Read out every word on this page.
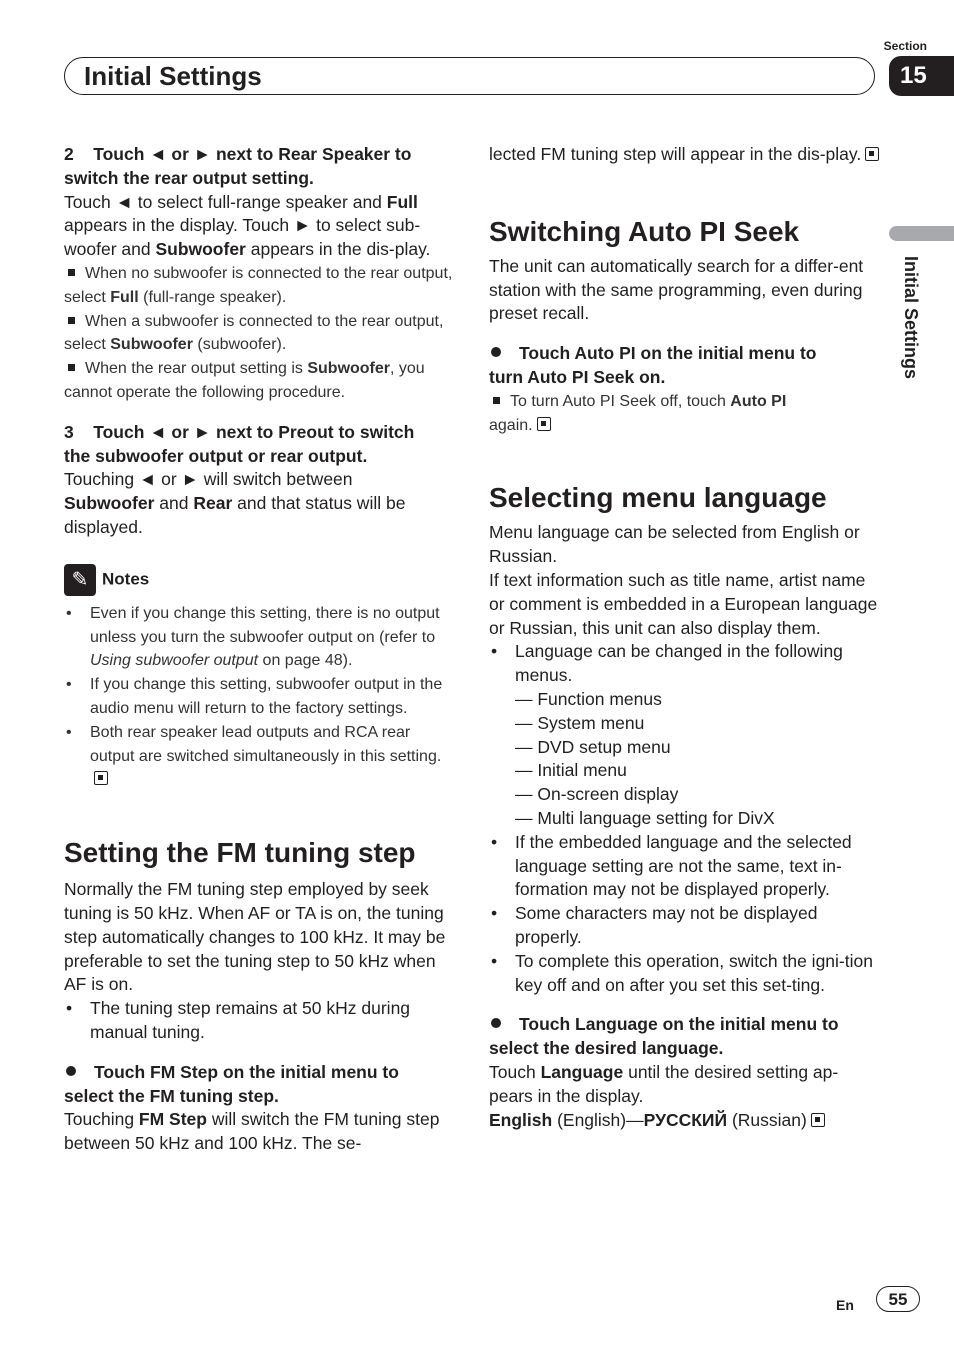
Section
15
Initial Settings
Initial Settings

2 Touch ◄ or ► next to Rear Speaker to
switch the rear output setting.

Touch ◄ to select full-range speaker and Full appears in the display. Touch ► to select sub-woofer and Subwoofer appears in the dis-play.

When no subwoofer is connected to the rear output, select Full (full-range speaker).

When a subwoofer is connected to the rear output, select Subwoofer (subwoofer).

When the rear output setting is Subwoofer, you cannot operate the following procedure.

3 Touch ◄ or ► next to Preout to switch
the subwoofer output or rear output.

Touching ◄ or ► will switch between
Subwoofer and Rear and that status will be displayed.

✎ Notes

• Even if you change this setting, there is no output unless you turn the subwoofer output on (refer to Using subwoofer output on page 48).

• If you change this setting, subwoofer output in the audio menu will return to the factory settings.

• Both rear speaker lead outputs and RCA rear output are switched simultaneously in this setting.

Setting the FM tuning step

Normally the FM tuning step employed by seek tuning is 50 kHz. When AF or TA is on, the tuning step automatically changes to 100 kHz. It may be preferable to set the tuning step to 50 kHz when AF is on.

• The tuning step remains at 50 kHz during manual tuning.

Touch FM Step on the initial menu to
select the FM tuning step.

Touching FM Step will switch the FM tuning step between 50 kHz and 100 kHz. The se-

lected FM tuning step will appear in the dis-play.

Switching Auto PI Seek

The unit can automatically search for a differ-ent station with the same programming, even during preset recall.

Touch Auto PI on the initial menu to
turn Auto PI Seek on.

To turn Auto PI Seek off, touch Auto PI
again.

Selecting menu language

Menu language can be selected from English or Russian.

If text information such as title name, artist name or comment is embedded in a European language or Russian, this unit can also display them.

• Language can be changed in the following menus.

— Function menus

— System menu

— DVD setup menu

— Initial menu

— On-screen display

— Multi language setting for DivX

• If the embedded language and the selected language setting are not the same, text in-formation may not be displayed properly.

• Some characters may not be displayed properly.

• To complete this operation, switch the igni-tion key off and on after you set this set-ting.

Touch Language on the initial menu to
select the desired language.

Touch Language until the desired setting ap-pears in the display.

English (English)—РУССКИЙ (Russian)

En	55
